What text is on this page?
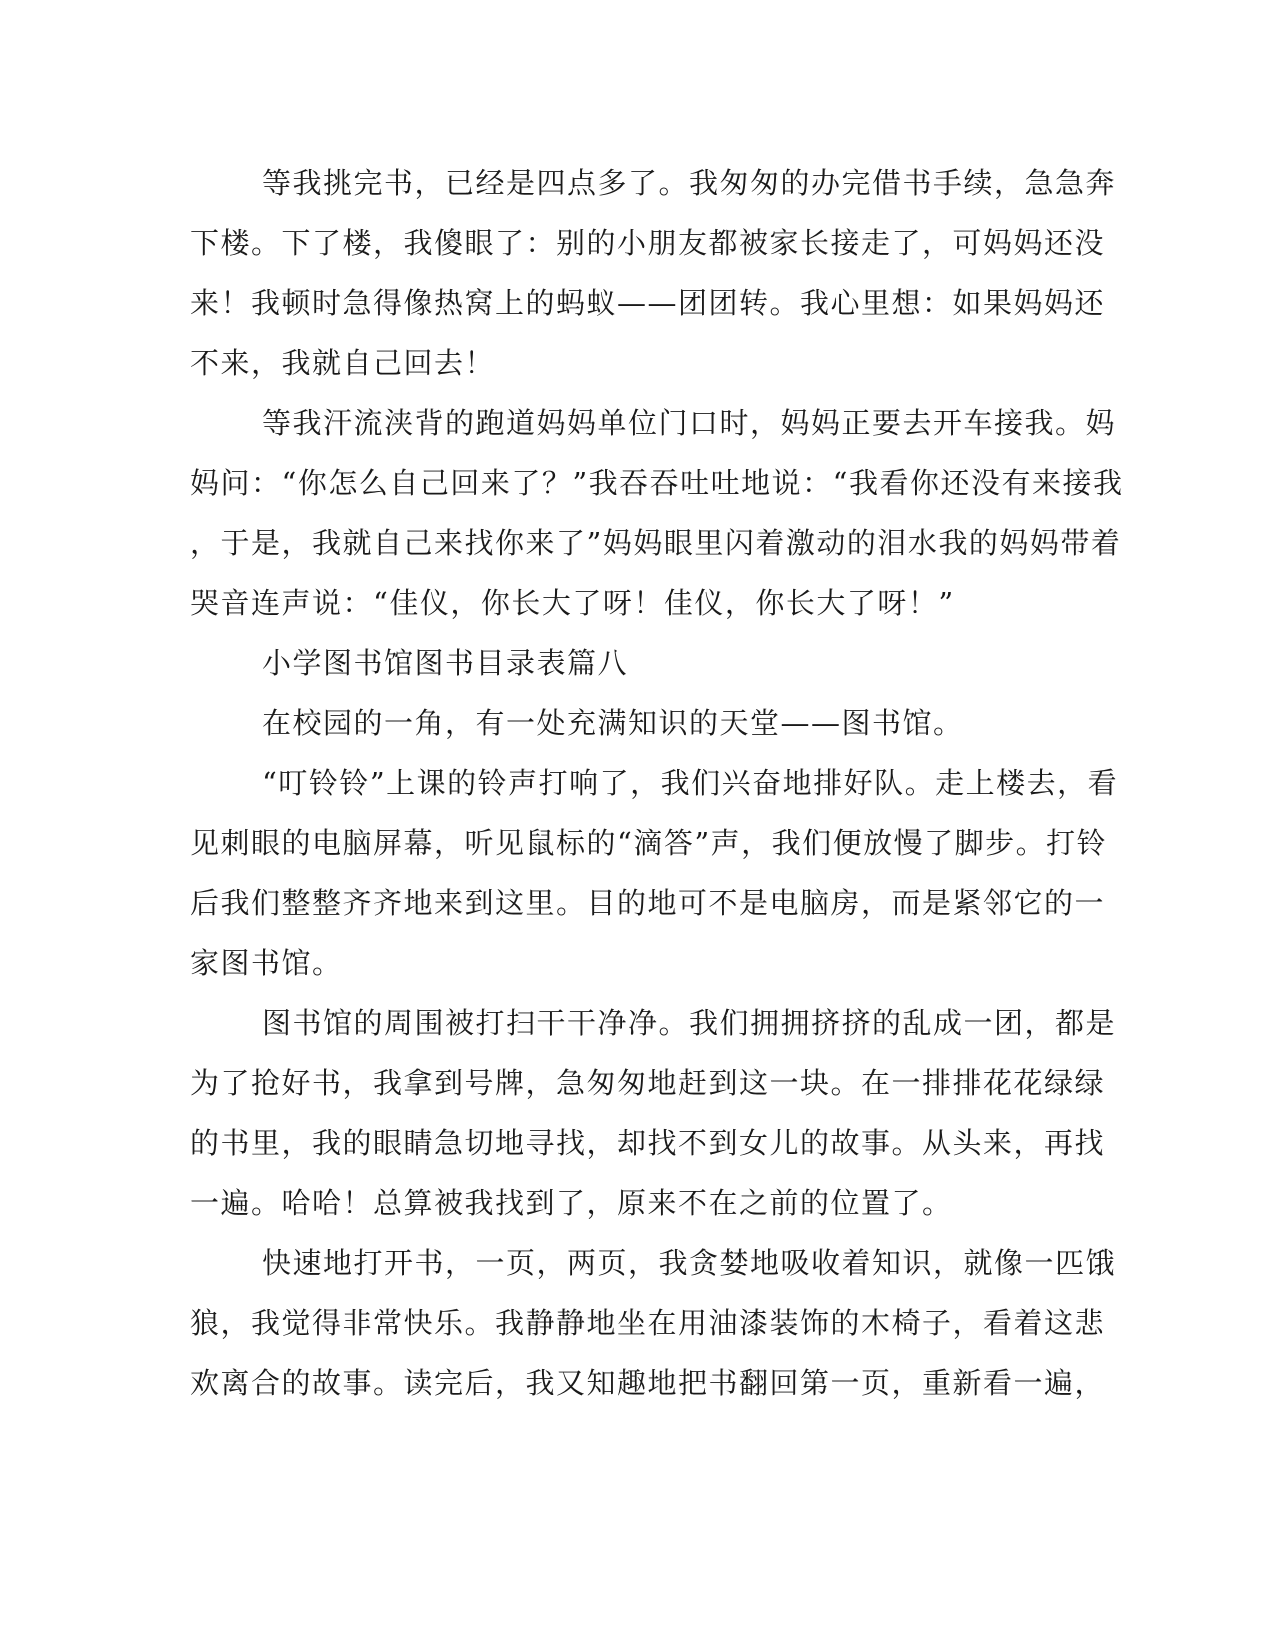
等我挑完书，已经是四点多了。我匆匆的办完借书手续，急急奔
下楼。下了楼，我傻眼了：别的小朋友都被家长接走了，可妈妈还没
来！我顿时急得像热窝上的蚂蚁——团团转。我心里想：如果妈妈还
不来，我就自己回去！
等我汗流浃背的跑道妈妈单位门口时，妈妈正要去开车接我。妈
妈问：“你怎么自己回来了？”我吞吞吐吐地说：“我看你还没有来接我
，于是，我就自己来找你来了”妈妈眼里闪着激动的泪水我的妈妈带着
哭音连声说：“佳仪，你长大了呀！佳仪，你长大了呀！”
小学图书馆图书目录表篇八
在校园的一角，有一处充满知识的天堂——图书馆。
“叮铃铃”上课的铃声打响了，我们兴奋地排好队。走上楼去，看
见刺眼的电脑屏幕，听见鼠标的“滴答”声，我们便放慢了脚步。打铃
后我们整整齐齐地来到这里。目的地可不是电脑房，而是紧邻它的一
家图书馆。
图书馆的周围被打扫干干净净。我们拥拥挤挤的乱成一团，都是
为了抢好书，我拿到号牌，急匆匆地赶到这一块。在一排排花花绿绿
的书里，我的眼睛急切地寻找，却找不到女儿的故事。从头来，再找
一遍。哈哈！总算被我找到了，原来不在之前的位置了。
快速地打开书，一页，两页，我贪婪地吸收着知识，就像一匹饿
狼，我觉得非常快乐。我静静地坐在用油漆装饰的木椅子，看着这悲
欢离合的故事。读完后，我又知趣地把书翻回第一页，重新看一遍，
